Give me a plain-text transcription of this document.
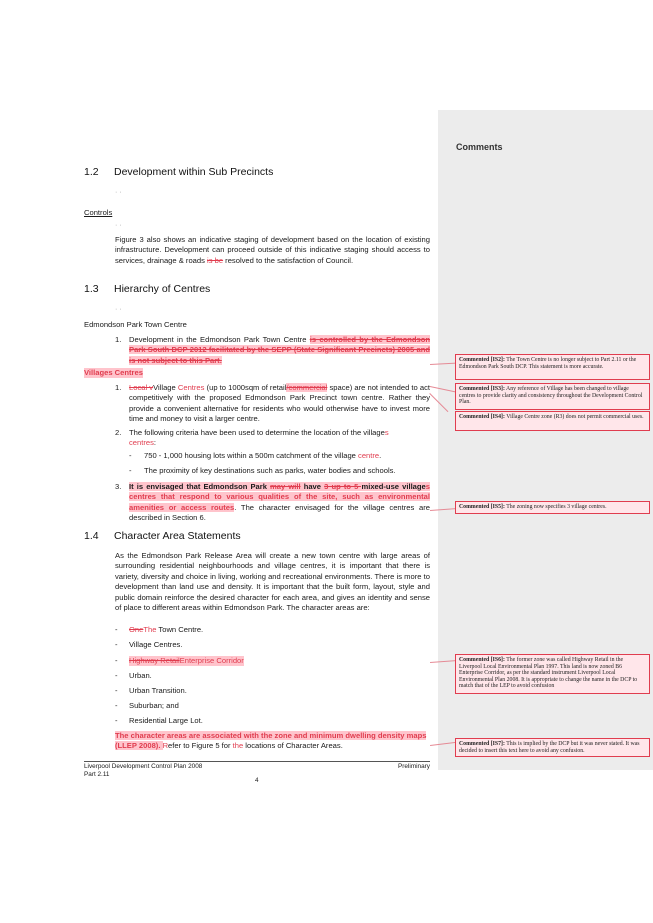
Comments
1.2 Development within Sub Precincts
· ·
Controls
· ·
Figure 3 also shows an indicative staging of development based on the location of existing infrastructure. Development can proceed outside of this indicative staging should access to services, drainage & roads is be resolved to the satisfaction of Council.
1.3 Hierarchy of Centres
· ·
Edmondson Park Town Centre
1. Development in the Edmondson Park Town Centre is controlled by the Edmondson Park South DCP 2012 facilitated by the SEPP (State Significant Precincts) 2005 and is not subject to this Part.
Villages Centres
1. Local vVillage Centres (up to 1000sqm of retail/commercial space) are not intended to act competitively with the proposed Edmondson Park Precinct town centre. Rather they provide a convenient alternative for residents who would otherwise have to invest more time and money to visit a larger centre.
2. The following criteria have been used to determine the location of the villages
centres:
- 750 - 1,000 housing lots within a 500m catchment of the village centre.
- The proximity of key destinations such as parks, water bodies and schools.
3. It is envisaged that Edmondson Park may will have 3 up to 5 mixed-use villages centres that respond to various qualities of the site, such as environmental amenities or access routes. The character envisaged for the village centres are described in Section 6.
1.4 Character Area Statements
As the Edmondson Park Release Area will create a new town centre with large areas of surrounding residential neighbourhoods and village centres, it is important that there is variety, diversity and choice in living, working and recreational environments. There is more to development than land use and density. It is important that the built form, layout, style and public domain reinforce the desired character for each area, and gives an identity and sense of place to different areas within Edmondson Park. The character areas are:
- OneThe Town Centre.
- Village Centres.
- Highway RetailEnterprise Corridor
- Urban.
- Urban Transition.
- Suburban; and
- Residential Large Lot.
The character areas are associated with the zone and minimum dwelling density maps (LLEP 2008). Refer to Figure 5 for the locations of Character Areas.
Liverpool Development Control Plan 2008
Part 2.11
Preliminary
4
Commented [IS2]: The Town Centre is no longer subject to Part 2.11 or the Edmondson Park South DCP. This statement is more accurate.
Commented [IS3]: Any reference of Village has been changed to village centres to provide clarity and consistency throughout the Development Control Plan.
Commented [IS4]: Village Centre zone (R3) does not permit commercial uses.
Commented [IS5]: The zoning now specifies 3 village centres.
Commented [IS6]: The former zone was called Highway Retail in the Liverpool Local Environmental Plan 1997. This land is now zoned B6 Enterprise Corridor, as per the standard instrument Liverpool Local Environmental Plan 2008. It is appropriate to change the name in the DCP to match that of the LEP to avoid confusion
Commented [IS7]: This is implied by the DCP but it was never stated. It was decided to insert this text here to avoid any confusion.
